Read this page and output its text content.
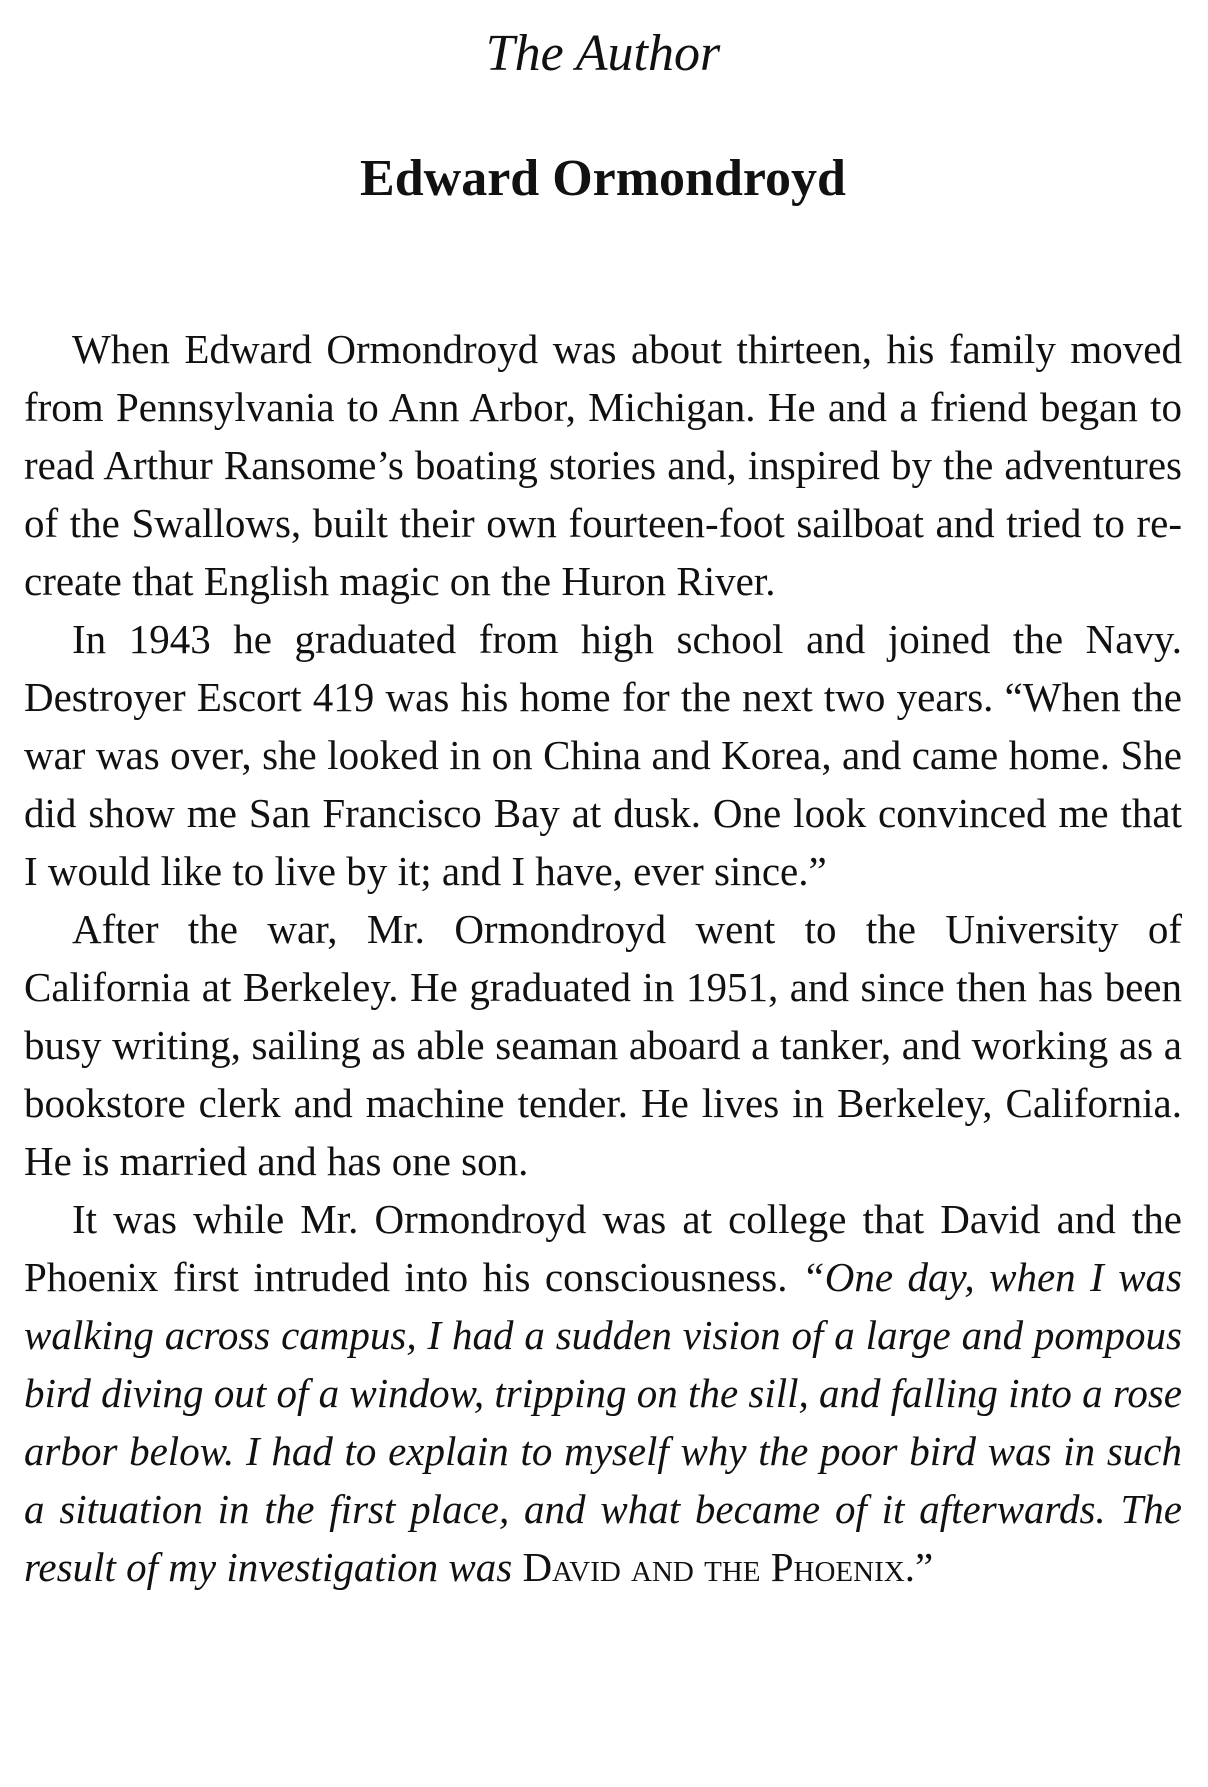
The Author
Edward Ormondroyd

When Edward Ormondroyd was about thirteen, his family moved from Pennsylvania to Ann Arbor, Michigan. He and a friend began to read Arthur Ransome’s boating stories and, inspired by the adventures of the Swallows, built their own fourteen-foot sailboat and tried to re-create that English magic on the Huron River.

In 1943 he graduated from high school and joined the Navy. Destroyer Escort 419 was his home for the next two years. “When the war was over, she looked in on China and Korea, and came home. She did show me San Francisco Bay at dusk. One look convinced me that I would like to live by it; and I have, ever since.”

After the war, Mr. Ormondroyd went to the University of California at Berkeley. He graduated in 1951, and since then has been busy writing, sailing as able seaman aboard a tanker, and working as a bookstore clerk and machine tender. He lives in Berkeley, California. He is married and has one son.

It was while Mr. Ormondroyd was at college that David and the Phoenix first intruded into his consciousness. “One day, when I was walking across campus, I had a sudden vision of a large and pompous bird diving out of a window, tripping on the sill, and falling into a rose arbor below. I had to explain to myself why the poor bird was in such a situation in the first place, and what became of it afterwards. The result of my investigation was David and the Phoenix.”
